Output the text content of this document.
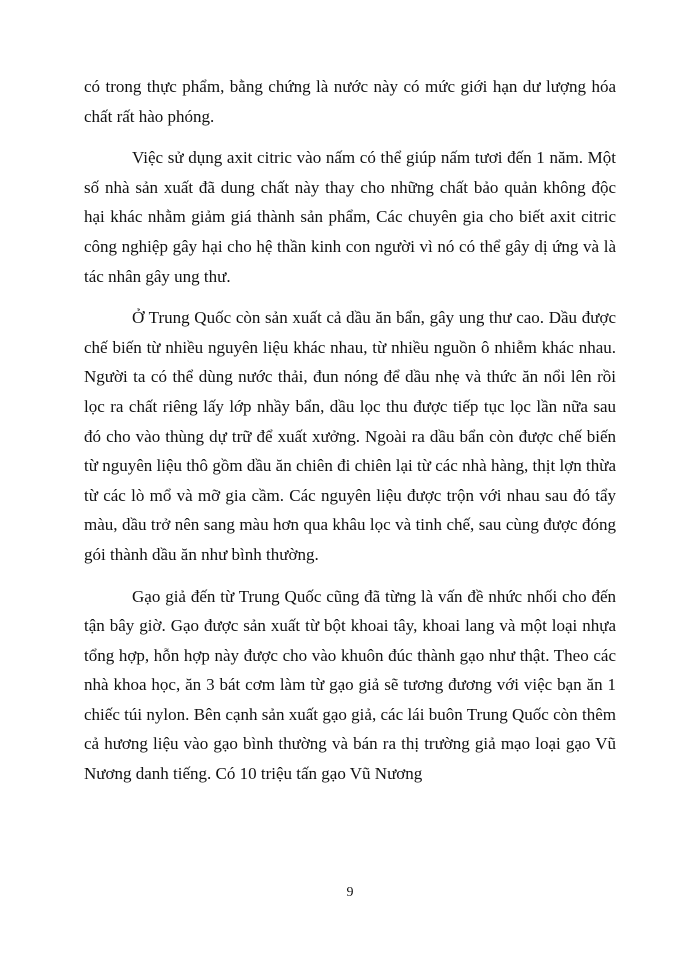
có trong thực phẩm, bằng chứng là nước này có mức giới hạn dư lượng hóa chất rất hào phóng.

Việc sử dụng axit citric vào nấm có thể giúp nấm tươi đến 1 năm. Một số nhà sản xuất đã dung chất này thay cho những chất bảo quản không độc hại khác nhằm giảm giá thành sản phẩm, Các chuyên gia cho biết axit citric công nghiệp gây hại cho hệ thần kinh con người vì nó có thể gây dị ứng và là tác nhân gây ung thư.

Ở Trung Quốc còn sản xuất cả dầu ăn bẩn, gây ung thư cao. Dầu được chế biến từ nhiều nguyên liệu khác nhau, từ nhiều nguồn ô nhiễm khác nhau. Người ta có thể dùng nước thải, đun nóng để dầu nhẹ và thức ăn nổi lên rồi lọc ra chất riêng lấy lớp nhầy bẩn, dầu lọc thu được tiếp tục lọc lần nữa sau đó cho vào thùng dự trữ để xuất xưởng. Ngoài ra dầu bẩn còn được chế biến từ nguyên liệu thô gồm dầu ăn chiên đi chiên lại từ các nhà hàng, thịt lợn thừa từ các lò mổ và mỡ gia cầm. Các nguyên liệu được trộn với nhau sau đó tẩy màu, dầu trở nên sang màu hơn qua khâu lọc và tinh chế, sau cùng được đóng gói thành dầu ăn như bình thường.

Gạo giả đến từ Trung Quốc cũng đã từng là vấn đề nhức nhối cho đến tận bây giờ. Gạo được sản xuất từ bột khoai tây, khoai lang và một loại nhựa tổng hợp, hỗn hợp này được cho vào khuôn đúc thành gạo như thật. Theo các nhà khoa học, ăn 3 bát cơm làm từ gạo giả sẽ tương đương với việc bạn ăn 1 chiếc túi nylon. Bên cạnh sản xuất gạo giả, các lái buôn Trung Quốc còn thêm cả hương liệu vào gạo bình thường và bán ra thị trường giả mạo loại gạo Vũ Nương danh tiếng. Có 10 triệu tấn gạo Vũ Nương

9
